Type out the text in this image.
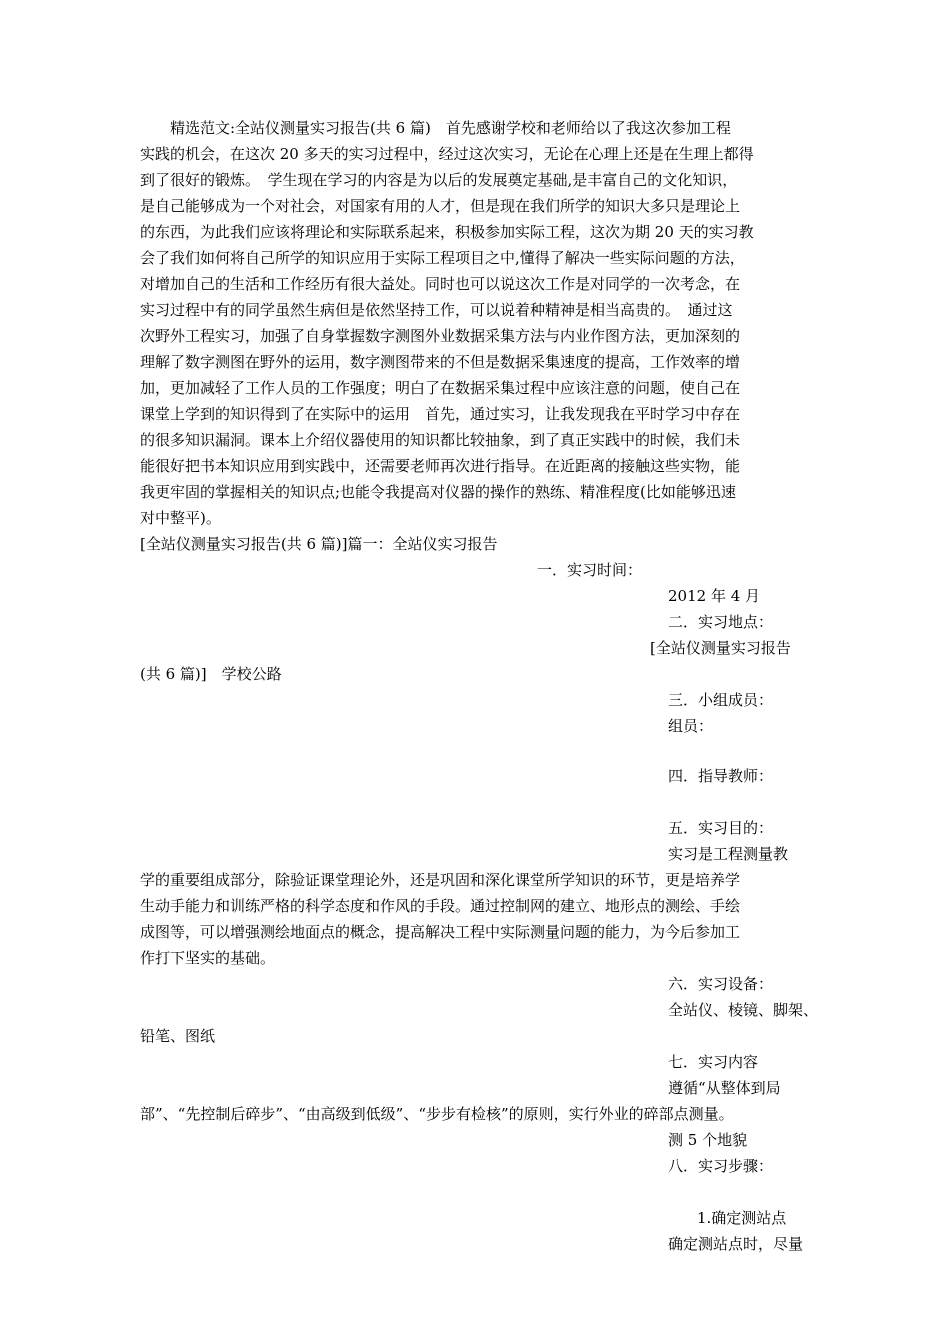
　　精选范文:全站仪测量实习报告(共 6 篇)　首先感谢学校和老师给以了我这次参加工程
实践的机会，在这次 20 多天的实习过程中，经过这次实习，无论在心理上还是在生理上都得
到了很好的锻炼。　学生现在学习的内容是为以后的发展奠定基础,是丰富自己的文化知识，
是自己能够成为一个对社会，对国家有用的人才，但是现在我们所学的知识大多只是理论上
的东西，为此我们应该将理论和实际联系起来，积极参加实际工程，这次为期 20 天的实习教
会了我们如何将自己所学的知识应用于实际工程项目之中,懂得了解决一些实际问题的方法，
对增加自己的生活和工作经历有很大益处。同时也可以说这次工作是对同学的一次考念，在
实习过程中有的同学虽然生病但是依然坚持工作，可以说着种精神是相当高贵的。　通过这
次野外工程实习，加强了自身掌握数字测图外业数据采集方法与内业作图方法，更加深刻的
理解了数字测图在野外的运用，数字测图带来的不但是数据采集速度的提高，工作效率的增
加，更加减轻了工作人员的工作强度；明白了在数据采集过程中应该注意的问题，使自己在
课堂上学到的知识得到了在实际中的运用　首先，通过实习，让我发现我在平时学习中存在
的很多知识漏洞。课本上介绍仪器使用的知识都比较抽象，到了真正实践中的时候，我们未
能很好把书本知识应用到实践中，还需要老师再次进行指导。在近距离的接触这些实物，能
我更牢固的掌握相关的知识点;也能令我提高对仪器的操作的熟练、精准程度(比如能够迅速
对中整平)。
[全站仪测量实习报告(共 6 篇)]篇一：全站仪实习报告
一．实习时间：
2012 年 4 月
二．实习地点：
[全站仪测量实习报告
(共 6 篇)]　学校公路
三．小组成员：
组员：
四．指导教师：
五．实习目的：
实习是工程测量教
学的重要组成部分，除验证课堂理论外，还是巩固和深化课堂所学知识的环节，更是培养学
生动手能力和训练严格的科学态度和作风的手段。通过控制网的建立、地形点的测绘、手绘
成图等，可以增强测绘地面点的概念，提高解决工程中实际测量问题的能力，为今后参加工
作打下坚实的基础。
六．实习设备：
全站仪、棱镜、脚架、
铅笔、图纸
七．实习内容
遵循“从整体到局
部”、“先控制后碎步”、“由高级到低级”、“步步有检核”的原则，实行外业的碎部点测量。
测 5 个地貌
八．实习步骤：
1.确定测站点
确定测站点时，尽量
